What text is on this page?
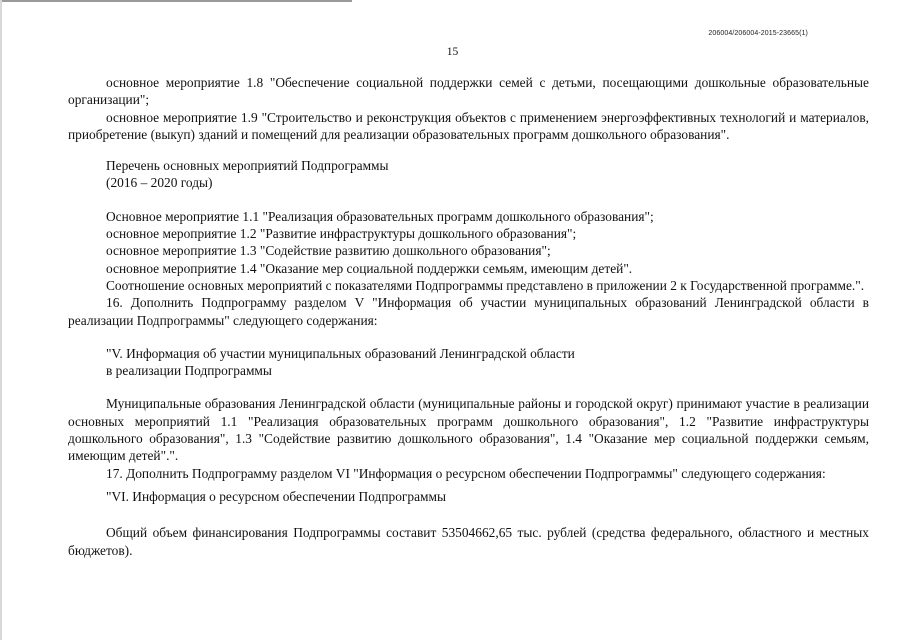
206004/206004-2015-23665(1)
15

основное мероприятие 1.8 "Обеспечение социальной поддержки семей с детьми, посещающими дошкольные образовательные организации";

основное мероприятие 1.9 "Строительство и реконструкция объектов с применением энергоэффективных технологий и материалов, приобретение (выкуп) зданий и помещений для реализации образовательных программ дошкольного образования".

Перечень основных мероприятий Подпрограммы

(2016 – 2020 годы)

Основное мероприятие 1.1 "Реализация образовательных программ дошкольного образования";

основное мероприятие 1.2 "Развитие инфраструктуры дошкольного образования";

основное мероприятие 1.3 "Содействие развитию дошкольного образования";

основное мероприятие 1.4 "Оказание мер социальной поддержки семьям, имеющим детей".

Соотношение основных мероприятий с показателями Подпрограммы представлено в приложении 2 к Государственной программе.".

16. Дополнить Подпрограмму разделом V "Информация об участии муниципальных образований Ленинградской области в реализации Подпрограммы" следующего содержания:

"V. Информация об участии муниципальных образований Ленинградской области

в реализации Подпрограммы

Муниципальные образования Ленинградской области (муниципальные районы и городской округ) принимают участие в реализации основных мероприятий 1.1 "Реализация образовательных программ дошкольного образования", 1.2 "Развитие инфраструктуры дошкольного образования", 1.3 "Содействие развитию дошкольного образования", 1.4 "Оказание мер социальной поддержки семьям, имеющим детей".".

17. Дополнить Подпрограмму разделом VI "Информация о ресурсном обеспечении Подпрограммы" следующего содержания:

"VI. Информация о ресурсном обеспечении Подпрограммы

Общий объем финансирования Подпрограммы составит 53504662,65 тыс. рублей (средства федерального, областного и местных бюджетов).
